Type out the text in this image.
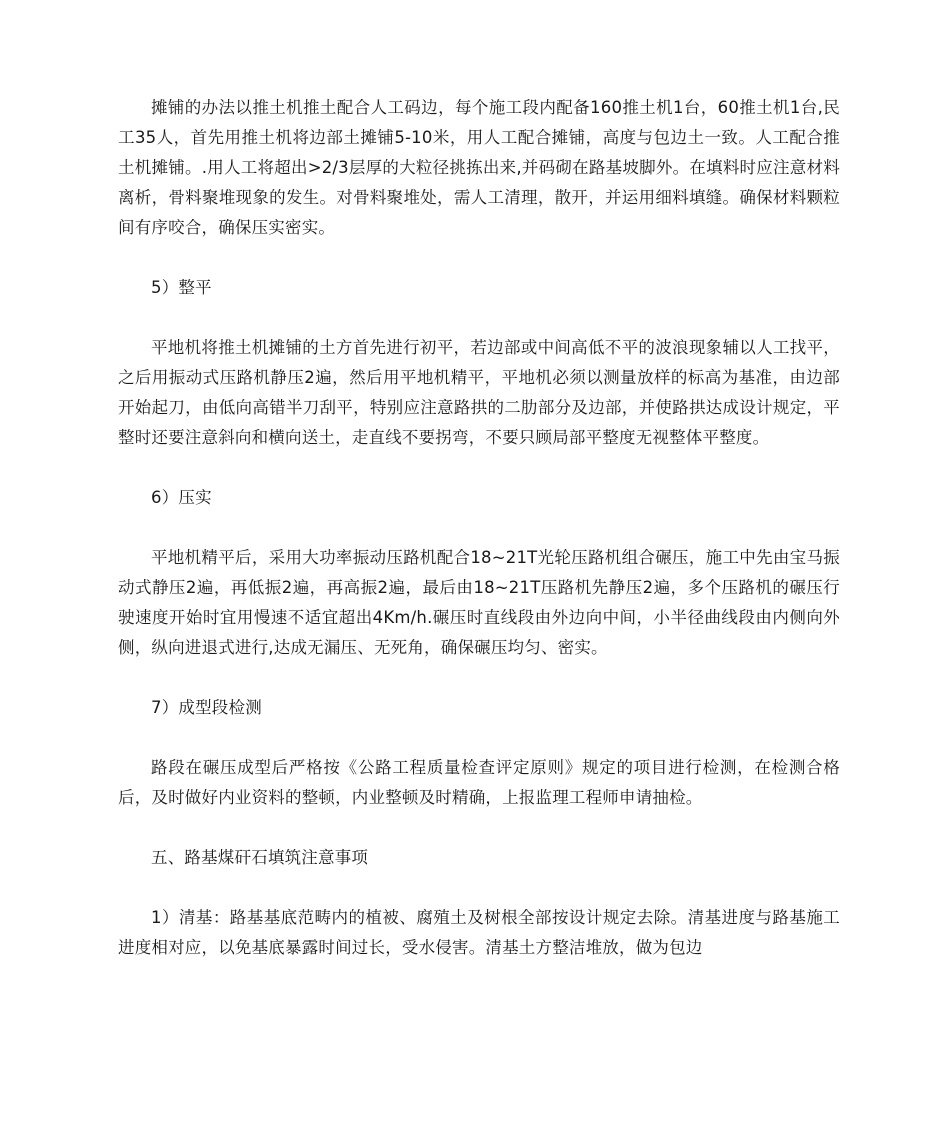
摊铺的办法以推土机推土配合人工码边，每个施工段内配备160推土机1台，60推土机1台,民工35人，首先用推土机将边部土摊铺5-10米，用人工配合摊铺，高度与包边土一致。人工配合推土机摊铺。.用人工将超出>2/3层厚的大粒径挑拣出来,并码砌在路基坡脚外。在填料时应注意材料离析，骨料聚堆现象的发生。对骨料聚堆处，需人工清理，散开，并运用细料填缝。确保材料颗粒间有序咬合，确保压实密实。

5）整平

平地机将推土机摊铺的土方首先进行初平，若边部或中间高低不平的波浪现象辅以人工找平，之后用振动式压路机静压2遍，然后用平地机精平，平地机必须以测量放样的标高为基准，由边部开始起刀，由低向高错半刀刮平，特别应注意路拱的二肋部分及边部，并使路拱达成设计规定，平整时还要注意斜向和横向送土，走直线不要拐弯，不要只顾局部平整度无视整体平整度。

6）压实

平地机精平后，采用大功率振动压路机配合18~21T光轮压路机组合碾压，施工中先由宝马振动式静压2遍，再低振2遍，再高振2遍，最后由18~21T压路机先静压2遍，多个压路机的碾压行驶速度开始时宜用慢速不适宜超出4Km/h.碾压时直线段由外边向中间，小半径曲线段由内侧向外侧，纵向进退式进行,达成无漏压、无死角，确保碾压均匀、密实。

7）成型段检测

路段在碾压成型后严格按《公路工程质量检查评定原则》规定的项目进行检测，在检测合格后，及时做好内业资料的整顿，内业整顿及时精确，上报监理工程师申请抽检。

五、路基煤矸石填筑注意事项

1）清基：路基基底范畴内的植被、腐殖土及树根全部按设计规定去除。清基进度与路基施工进度相对应，以免基底暴露时间过长，受水侵害。清基土方整洁堆放，做为包边
